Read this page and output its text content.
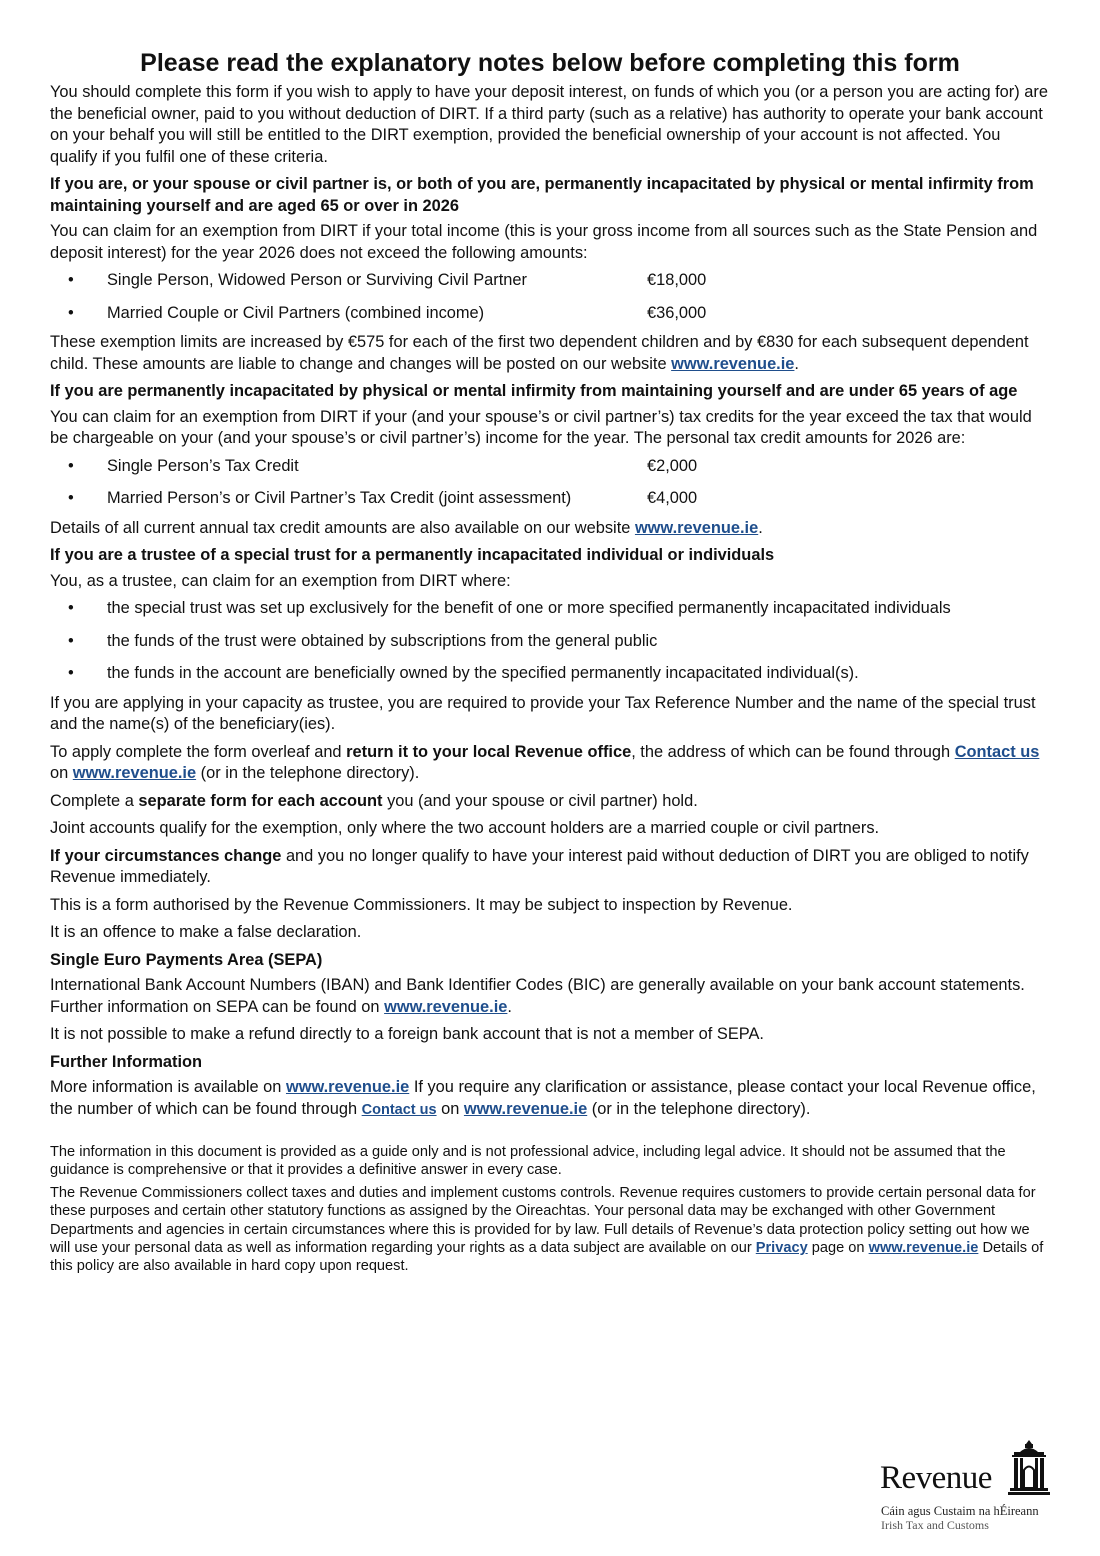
Please read the explanatory notes below before completing this form

You should complete this form if you wish to apply to have your deposit interest, on funds of which you (or a person you are acting for) are the beneficial owner, paid to you without deduction of DIRT. If a third party (such as a relative) has authority to operate your bank account on your behalf you will still be entitled to the DIRT exemption, provided the beneficial ownership of your account is not affected. You qualify if you fulfil one of these criteria.

If you are, or your spouse or civil partner is, or both of you are, permanently incapacitated by physical or mental infirmity from maintaining yourself and are aged 65 or over in 2026

You can claim for an exemption from DIRT if your total income (this is your gross income from all sources such as the State Pension and deposit interest) for the year 2026 does not exceed the following amounts:

• Single Person, Widowed Person or Surviving Civil Partner	€18,000
• Married Couple or Civil Partners (combined income)	€36,000

These exemption limits are increased by €575 for each of the first two dependent children and by €830 for each subsequent dependent child. These amounts are liable to change and changes will be posted on our website www.revenue.ie.

If you are permanently incapacitated by physical or mental infirmity from maintaining yourself and are under 65 years of age

You can claim for an exemption from DIRT if your (and your spouse’s or civil partner’s) tax credits for the year exceed the tax that would be chargeable on your (and your spouse’s or civil partner’s) income for the year. The personal tax credit amounts for 2026 are:

• Single Person’s Tax Credit	€2,000
• Married Person’s or Civil Partner’s Tax Credit (joint assessment)	€4,000

Details of all current annual tax credit amounts are also available on our website www.revenue.ie.

If you are a trustee of a special trust for a permanently incapacitated individual or individuals

You, as a trustee, can claim for an exemption from DIRT where:

• the special trust was set up exclusively for the benefit of one or more specified permanently incapacitated individuals
• the funds of the trust were obtained by subscriptions from the general public
• the funds in the account are beneficially owned by the specified permanently incapacitated individual(s).

If you are applying in your capacity as trustee, you are required to provide your Tax Reference Number and the name of the special trust and the name(s) of the beneficiary(ies).

To apply complete the form overleaf and return it to your local Revenue office, the address of which can be found through Contact us on www.revenue.ie (or in the telephone directory).

Complete a separate form for each account you (and your spouse or civil partner) hold.

Joint accounts qualify for the exemption, only where the two account holders are a married couple or civil partners.

If your circumstances change and you no longer qualify to have your interest paid without deduction of DIRT you are obliged to notify Revenue immediately.

This is a form authorised by the Revenue Commissioners. It may be subject to inspection by Revenue.

It is an offence to make a false declaration.

Single Euro Payments Area (SEPA)

International Bank Account Numbers (IBAN) and Bank Identifier Codes (BIC) are generally available on your bank account statements. Further information on SEPA can be found on www.revenue.ie.

It is not possible to make a refund directly to a foreign bank account that is not a member of SEPA.

Further Information

More information is available on www.revenue.ie If you require any clarification or assistance, please contact your local Revenue office, the number of which can be found through Contact us on www.revenue.ie (or in the telephone directory).

The information in this document is provided as a guide only and is not professional advice, including legal advice. It should not be assumed that the guidance is comprehensive or that it provides a definitive answer in every case.

The Revenue Commissioners collect taxes and duties and implement customs controls. Revenue requires customers to provide certain personal data for these purposes and certain other statutory functions as assigned by the Oireachtas. Your personal data may be exchanged with other Government Departments and agencies in certain circumstances where this is provided for by law. Full details of Revenue’s data protection policy setting out how we will use your personal data as well as information regarding your rights as a data subject are available on our Privacy page on www.revenue.ie Details of this policy are also available in hard copy upon request.

Revenue
Cáin agus Custaim na hÉireann
Irish Tax and Customs
